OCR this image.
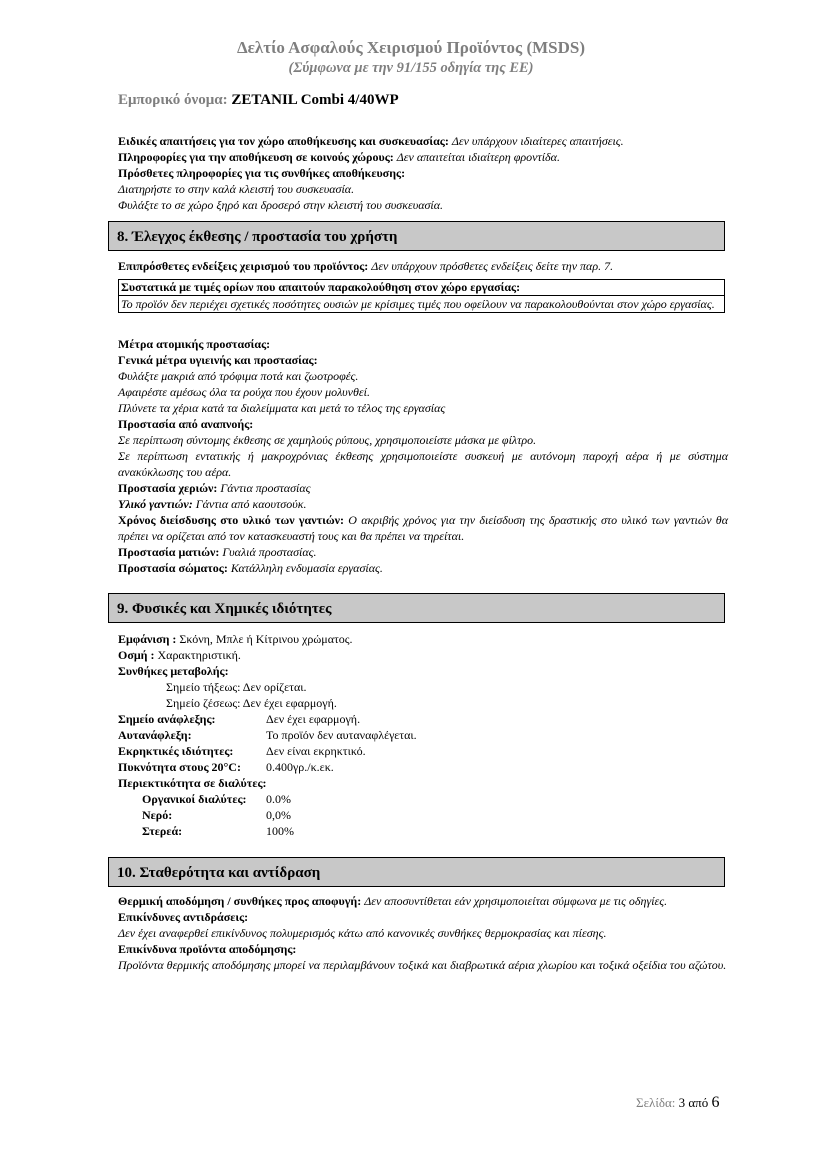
Δελτίο Ασφαλούς Χειρισμού Προϊόντος (MSDS)
(Σύμφωνα με την 91/155 οδηγία της ΕΕ)
Εμπορικό όνομα: ZETANIL Combi 4/40WP

Ειδικές απαιτήσεις για τον χώρο αποθήκευσης και συσκευασίας: Δεν υπάρχουν ιδιαίτερες απαιτήσεις.

Πληροφορίες για την αποθήκευση σε κοινούς χώρους: Δεν απαιτείται ιδιαίτερη φροντίδα.

Πρόσθετες πληροφορίες για τις συνθήκες αποθήκευσης:

Διατηρήστε το στην καλά κλειστή του συσκευασία.

Φυλάξτε το σε χώρο ξηρό και δροσερό στην κλειστή του συσκευασία.

8. Έλεγχος έκθεσης / προστασία του χρήστη

Επιπρόσθετες ενδείξεις χειρισμού του προϊόντος: Δεν υπάρχουν πρόσθετες ενδείξεις δείτε την παρ. 7.

Συστατικά με τιμές ορίων που απαιτούν παρακολούθηση στον χώρο εργασίας:
Το προϊόν δεν περιέχει σχετικές ποσότητες ουσιών με κρίσιμες τιμές που οφείλουν να παρακολουθούνται στον χώρο εργασίας.

Μέτρα ατομικής προστασίας:

Γενικά μέτρα υγιεινής και προστασίας:

Φυλάξτε μακριά από τρόφιμα ποτά και ζωοτροφές.

Αφαιρέστε αμέσως όλα τα ρούχα που έχουν μολυνθεί.

Πλύνετε τα χέρια κατά τα διαλείμματα και μετά το τέλος της εργασίας

Προστασία από αναπνοής:

Σε περίπτωση σύντομης έκθεσης σε χαμηλούς ρύπους, χρησιμοποιείστε μάσκα με φίλτρο.

Σε περίπτωση εντατικής ή μακροχρόνιας έκθεσης χρησιμοποιείστε συσκευή με αυτόνομη παροχή αέρα ή με σύστημα ανακύκλωσης του αέρα.

Προστασία χεριών: Γάντια προστασίας

Υλικό γαντιών: Γάντια από καουτσούκ.

Χρόνος διείσδυσης στο υλικό των γαντιών: Ο ακριβής χρόνος για την διείσδυση της δραστικής στο υλικό των γαντιών θα πρέπει να ορίζεται από τον κατασκευαστή τους και θα πρέπει να τηρείται.

Προστασία ματιών: Γυαλιά προστασίας.

Προστασία σώματος: Κατάλληλη ενδυμασία εργασίας.

9. Φυσικές και Χημικές ιδιότητες

Εμφάνιση : Σκόνη, Μπλε ή Κίτρινου χρώματος.

Οσμή : Χαρακτηριστική.

Συνθήκες μεταβολής:

Σημείο τήξεως: Δεν ορίζεται.

Σημείο ζέσεως: Δεν έχει εφαρμογή.

Σημείο ανάφλεξης:	Δεν έχει εφαρμογή.
Αυτανάφλεξη:	Το προϊόν δεν αυταναφλέγεται.
Εκρηκτικές ιδιότητες:	Δεν είναι εκρηκτικό.
Πυκνότητα στους 20°C:	0.400γρ./κ.εκ.

Περιεκτικότητα σε διαλύτες:

Οργανικοί διαλύτες:	0.0%
Νερό:	0,0%
Στερεά:	100%
10. Σταθερότητα και αντίδραση

Θερμική αποδόμηση / συνθήκες προς αποφυγή: Δεν αποσυντίθεται εάν χρησιμοποιείται σύμφωνα με τις οδηγίες.

Επικίνδυνες αντιδράσεις:

Δεν έχει αναφερθεί επικίνδυνος πολυμερισμός κάτω από κανονικές συνθήκες θερμοκρασίας και πίεσης.

Επικίνδυνα προϊόντα αποδόμησης:

Προϊόντα θερμικής αποδόμησης μπορεί να περιλαμβάνουν τοξικά και διαβρωτικά αέρια χλωρίου και τοξικά οξείδια του αζώτου.

Σελίδα: 3 από 6
